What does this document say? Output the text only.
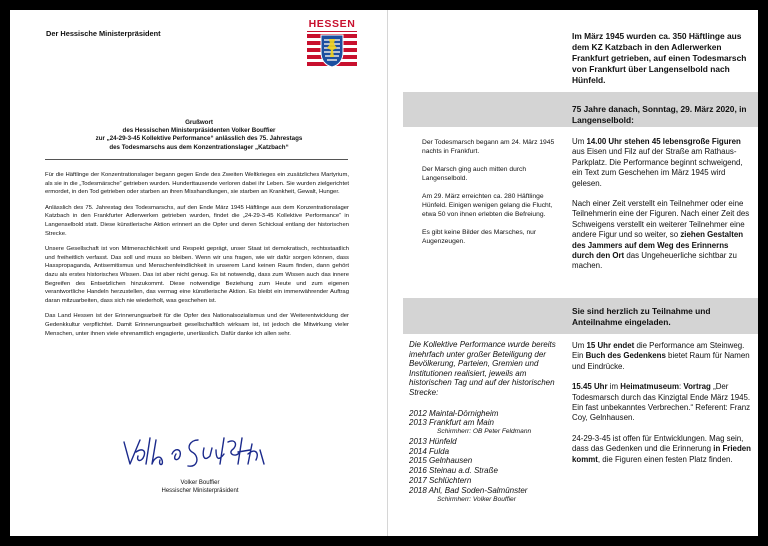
Der Hessische Ministerpräsident
HESSEN
Grußwort
des Hessischen Ministerpräsidenten Volker Bouffier
zur „24-29-3-45 Kollektive Performance“ anlässlich des 75. Jahrestags
des Todesmarschs aus dem Konzentrationslager „Katzbach“

Für die Häftlinge der Konzentrationslager begann gegen Ende des Zweiten Weltkrieges ein zusätzliches Martyrium, als sie in die „Todesmärsche“ getrieben wurden. Hunderttausende verloren dabei ihr Leben. Sie wurden zielgerichtet ermordet, in den Tod getrieben oder starben an ihren Misshandlungen, sie starben an Krankheit, Gewalt, Hunger.

Anlässlich des 75. Jahrestag des Todesmarschs, auf den Ende März 1945 Häftlinge aus dem Konzentrationslager Katzbach in den Frankfurter Adlerwerken getrieben wurden, findet die „24-29-3-45 Kollektive Performance“ in Langenselbold statt. Diese künstlerische Aktion erinnert an die Opfer und deren Schicksal entlang der historischen Strecke.

Unsere Gesellschaft ist von Mitmenschlichkeit und Respekt geprägt, unser Staat ist demokratisch, rechtsstaatlich und freiheitlich verfasst. Das soll und muss so bleiben. Wenn wir uns fragen, wie wir dafür sorgen können, dass Hasspropaganda, Antisemitismus und Menschenfeindlichkeit in unserem Land keinen Raum finden, dann gehört dazu als erstes historisches Wissen. Das ist aber nicht genug. Es ist notwendig, dass zum Wissen auch das innere Begreifen des Entsetzlichen hinzukommt. Diese notwendige Beziehung zum Heute und zum eigenen verantwortliche Handeln herzustellen, das vermag eine künstlerische Aktion. Es bleibt ein immerwährender Auftrag daran mitzuarbeiten, dass sich nie wiederholt, was geschehen ist.

Das Land Hessen ist der Erinnerungsarbeit für die Opfer des Nationalsozialismus und der Weiterentwicklung der Gedenkkultur verpflichtet. Damit Erinnerungsarbeit gesellschaftlich wirksam ist, ist jedoch die Mitwirkung vieler Menschen, unter ihnen viele ehrenamtlich engagierte, unerlässlich. Dafür danke ich allen sehr.

Volker Bouffier
Hessischer Ministerpräsident
Im März 1945 wurden ca. 350 Häftlinge aus dem KZ Katzbach in den Adlerwerken Frankfurt getrieben, auf einen Todesmarsch von Frankfurt über Langenselbold nach Hünfeld.
75 Jahre danach, Sonntag, 29. März 2020, in Langenselbold:

Der Todesmarsch begann am 24. März 1945 nachts in Frankfurt.

Der Marsch ging auch mitten durch Langenselbold.

Am 29. März erreichten ca. 280 Häftlinge Hünfeld. Einigen wenigen gelang die Flucht, etwa 50 von ihnen erlebten die Befreiung.

Es gibt keine Bilder des Marsches, nur Augenzeugen.

Um 14.00 Uhr stehen 45 lebensgroße Figuren aus Eisen und Filz auf der Straße am Rathaus-Parkplatz. Die Performance beginnt schweigend, ein Text zum Geschehen im März 1945 wird gelesen.

Nach einer Zeit verstellt ein Teilnehmer oder eine Teilnehmerin eine der Figuren. Nach einer Zeit des Schweigens verstellt ein weiterer Teilnehmer eine andere Figur und so weiter, so ziehen Gestalten des Jammers auf dem Weg des Erinnerns durch den Ort das Ungeheuerliche sichtbar zu machen.

Sie sind herzlich zu Teilnahme und Anteilnahme eingeladen.
Die Kollektive Performance wurde bereits imehrfach unter großer Beteiligung der Bevölkerung, Parteien, Gremien und Institutionen realisiert, jeweils am historischen Tag und auf der historischen Strecke:
2012 Maintal-Dörnigheim
2013 Frankfurt am Main
Schirmherr: OB Peter Feldmann
2013 Hünfeld
2014 Fulda
2015 Gelnhausen
2016 Steinau a.d. Straße
2017 Schlüchtern
2018 Ahl, Bad Soden-Salmünster
Schirmherr: Volker Bouffier

Um 15 Uhr endet die Performance am Steinweg. Ein Buch des Gedenkens bietet Raum für Namen und Eindrücke.

15.45 Uhr im Heimatmuseum: Vortrag „Der Todesmarsch durch das Kinzigtal Ende März 1945. Ein fast unbekanntes Verbrechen.“ Referent: Franz Coy, Gelnhausen.

24-29-3-45 ist offen für Entwicklungen. Mag sein, dass das Gedenken und die Erinnerung in Frieden kommt, die Figuren einen festen Platz finden.
